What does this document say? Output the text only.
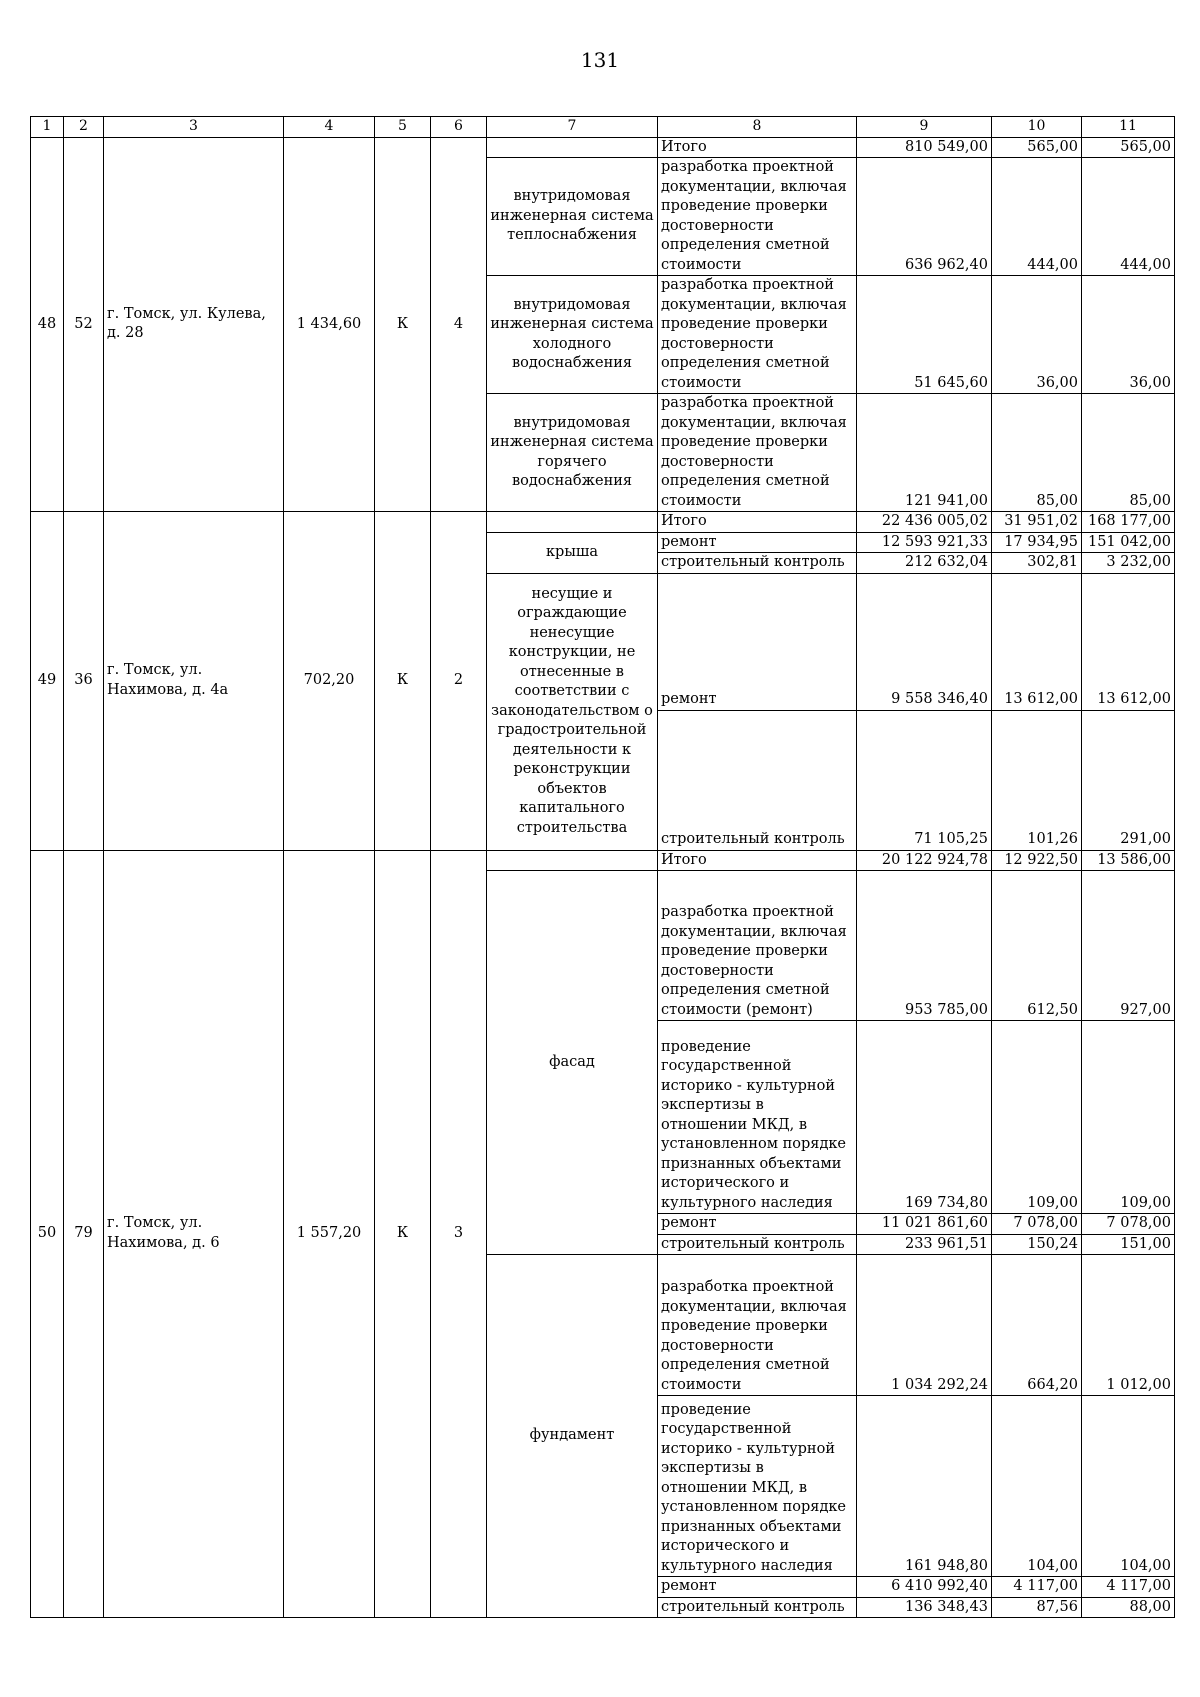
131
1	2	3	4	5	6	7	8	9	10	11
48	52	г. Томск, ул. Кулева, д. 28	1 434,60	К	4		Итого	810 549,00	565,00	565,00
						внутридомовая инженерная система теплоснабжения	разработка проектной документации, включая проведение проверки достоверности определения сметной стоимости	636 962,40	444,00	444,00
						внутридомовая инженерная система холодного водоснабжения	разработка проектной документации, включая проведение проверки достоверности определения сметной стоимости	51 645,60	36,00	36,00
						внутридомовая инженерная система горячего водоснабжения	разработка проектной документации, включая проведение проверки достоверности определения сметной стоимости	121 941,00	85,00	85,00
49	36	г. Томск, ул. Нахимова, д. 4а	702,20	К	2		Итого	22 436 005,02	31 951,02	168 177,00
						крыша	ремонт	12 593 921,33	17 934,95	151 042,00
							строительный контроль	212 632,04	302,81	3 232,00
						несущие и ограждающие ненесущие конструкции, не отнесенные в соответствии с законодательством о градостроительной деятельности к реконструкции объектов капитального строительства	ремонт	9 558 346,40	13 612,00	13 612,00
							строительный контроль	71 105,25	101,26	291,00
50	79	г. Томск, ул. Нахимова, д. 6	1 557,20	К	3		Итого	20 122 924,78	12 922,50	13 586,00
						фасад	разработка проектной документации, включая проведение проверки достоверности определения сметной стоимости (ремонт)	953 785,00	612,50	927,00
							проведение государственной историко - культурной экспертизы в отношении МКД, в установленном порядке признанных объектами исторического и культурного наследия	169 734,80	109,00	109,00
							ремонт	11 021 861,60	7 078,00	7 078,00
							строительный контроль	233 961,51	150,24	151,00
						фундамент	разработка проектной документации, включая проведение проверки достоверности определения сметной стоимости	1 034 292,24	664,20	1 012,00
							проведение государственной историко - культурной экспертизы в отношении МКД, в установленном порядке признанных объектами исторического и культурного наследия	161 948,80	104,00	104,00
							ремонт	6 410 992,40	4 117,00	4 117,00
							строительный контроль	136 348,43	87,56	88,00
